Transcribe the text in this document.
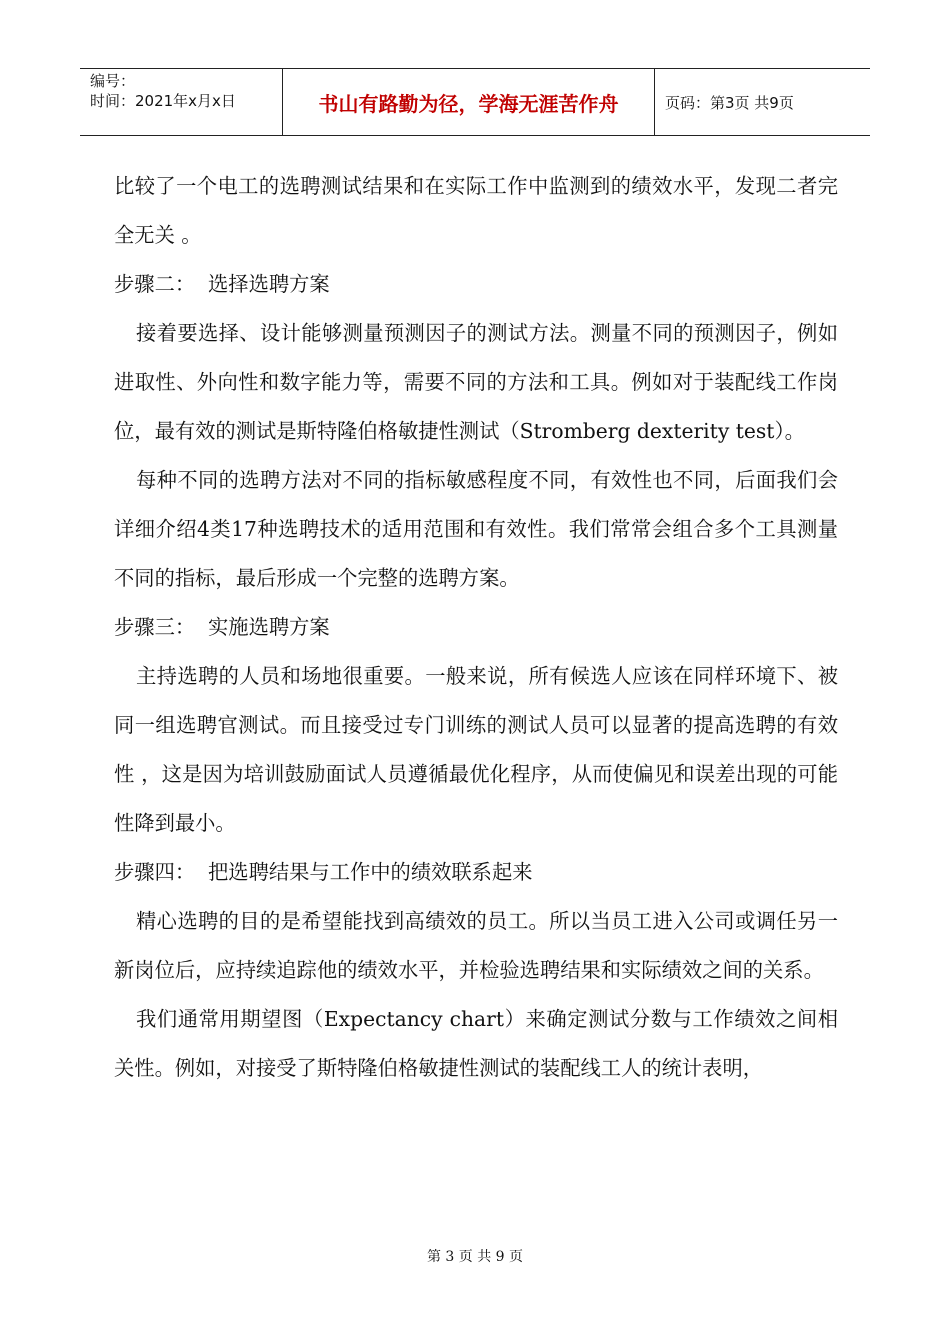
编号：
时间：2021年x月x日	书山有路勤为径，学海无涯苦作舟	页码：第3页 共9页

比较了一个电工的选聘测试结果和在实际工作中监测到的绩效水平，发现二者完全无关 。

步骤二：  选择选聘方案

接着要选择、设计能够测量预测因子的测试方法。测量不同的预测因子，例如进取性、外向性和数字能力等，需要不同的方法和工具。例如对于装配线工作岗位，最有效的测试是斯特隆伯格敏捷性测试（Stromberg dexterity test）。

每种不同的选聘方法对不同的指标敏感程度不同，有效性也不同，后面我们会详细介绍4类17种选聘技术的适用范围和有效性。我们常常会组合多个工具测量不同的指标，最后形成一个完整的选聘方案。

步骤三：  实施选聘方案

主持选聘的人员和场地很重要。一般来说，所有候选人应该在同样环境下、被同一组选聘官测试。而且接受过专门训练的测试人员可以显著的提高选聘的有效性 ，这是因为培训鼓励面试人员遵循最优化程序，从而使偏见和误差出现的可能性降到最小。

步骤四：  把选聘结果与工作中的绩效联系起来

精心选聘的目的是希望能找到高绩效的员工。所以当员工进入公司或调任另一新岗位后，应持续追踪他的绩效水平，并检验选聘结果和实际绩效之间的关系。

我们通常用期望图（Expectancy chart）来确定测试分数与工作绩效之间相关性。例如，对接受了斯特隆伯格敏捷性测试的装配线工人的统计表明，

第 3 页 共 9 页
